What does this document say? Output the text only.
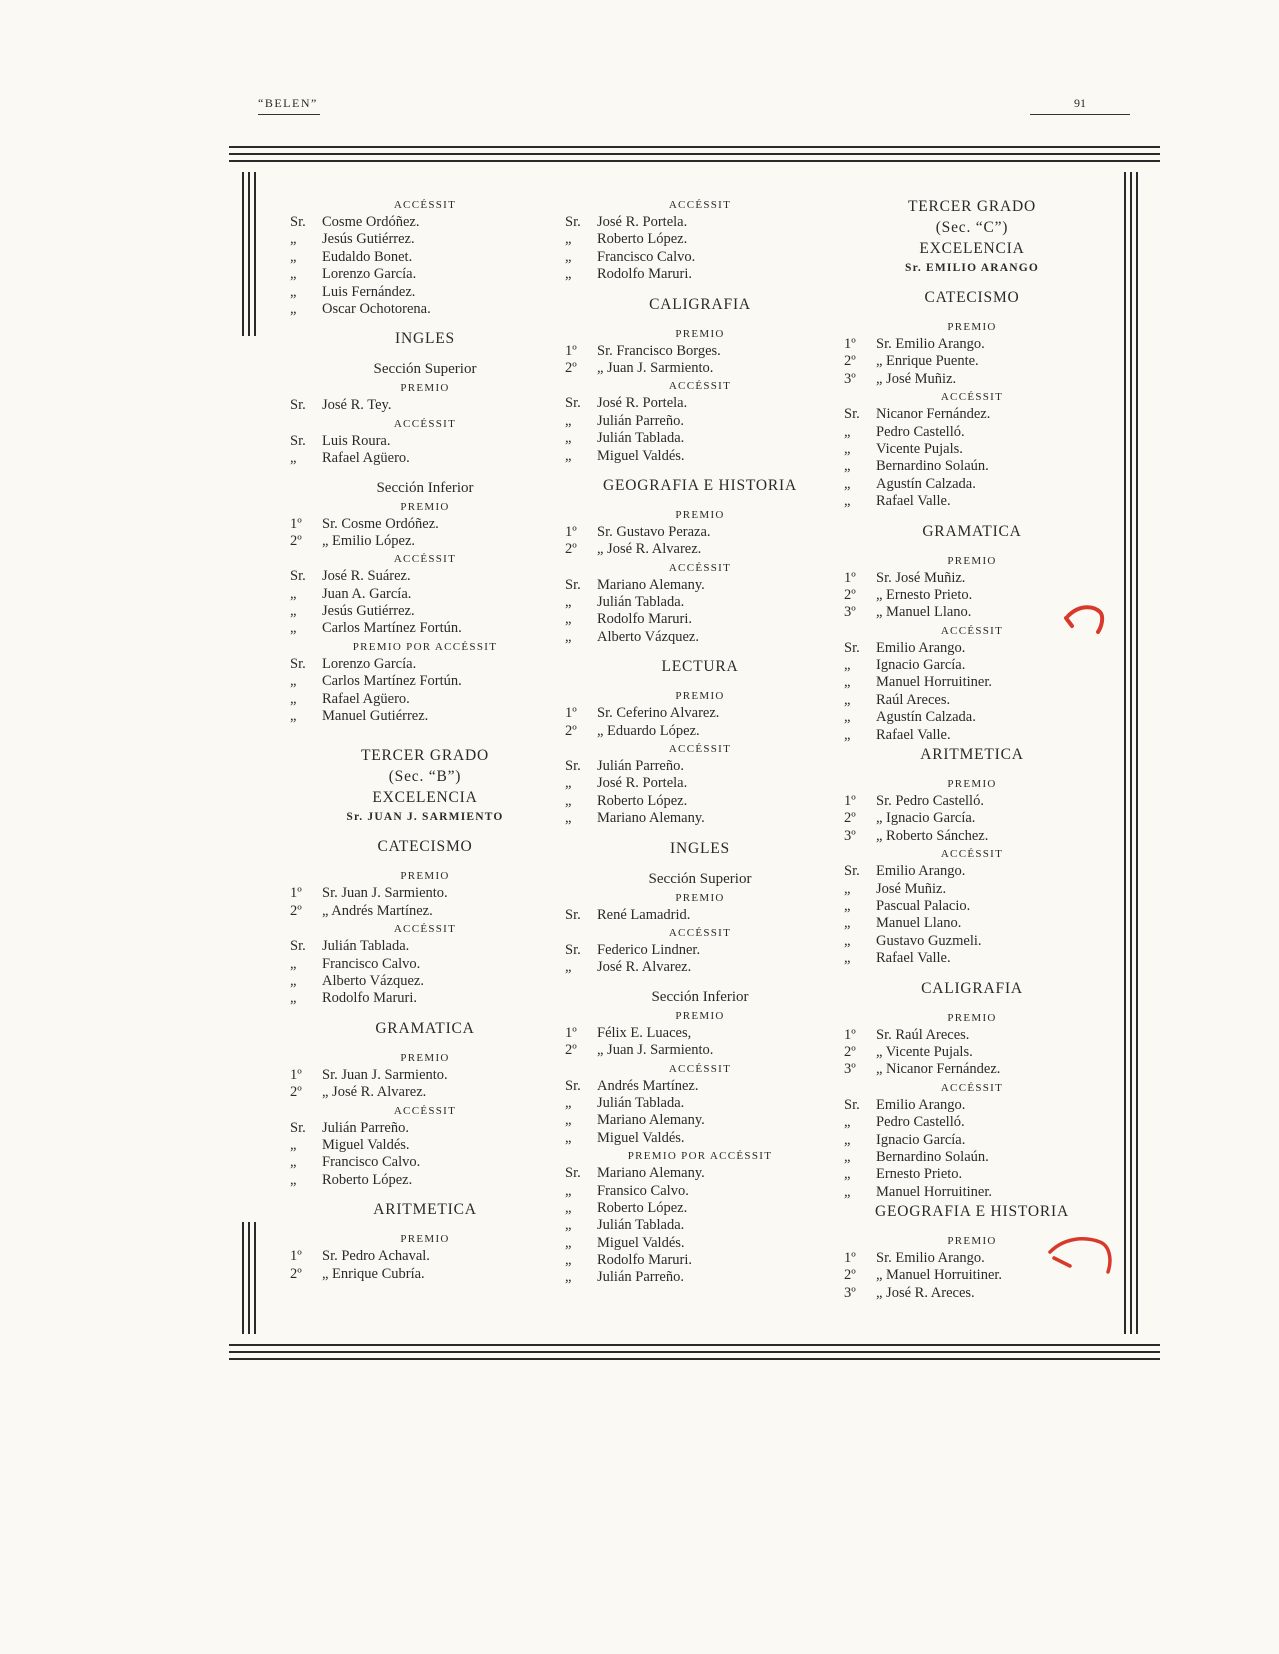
“BELEN”	91
ACCÉSSIT
Sr.	Cosme Ordóñez.
„	Jesús Gutiérrez.
„	Eudaldo Bonet.
„	Lorenzo García.
„	Luis Fernández.
„	Oscar Ochotorena.
INGLES
Sección Superior
PREMIO
Sr.	José R. Tey.
ACCÉSSIT
Sr.	Luis Roura.
„	Rafael Agüero.
Sección Inferior
PREMIO
1º	Sr. Cosme Ordóñez.
2º	„ Emilio López.
ACCÉSSIT
Sr.	José R. Suárez.
„	Juan A. García.
„	Jesús Gutiérrez.
„	Carlos Martínez Fortún.
PREMIO POR ACCÉSSIT
Sr.	Lorenzo García.
„	Carlos Martínez Fortún.
„	Rafael Agüero.
„	Manuel Gutiérrez.
TERCER GRADO
(Sec. “B”)
EXCELENCIA
Sr. JUAN J. SARMIENTO
CATECISMO
PREMIO
1º	Sr. Juan J. Sarmiento.
2º	„ Andrés Martínez.
ACCÉSSIT
Sr.	Julián Tablada.
„	Francisco Calvo.
„	Alberto Vázquez.
„	Rodolfo Maruri.
GRAMATICA
PREMIO
1º	Sr. Juan J. Sarmiento.
2º	„ José R. Alvarez.
ACCÉSSIT
Sr.	Julián Parreño.
„	Miguel Valdés.
„	Francisco Calvo.
„	Roberto López.
ARITMETICA
PREMIO
1º	Sr. Pedro Achaval.
2º	„ Enrique Cubría.
ACCÉSSIT
Sr.	José R. Portela.
„	Roberto López.
„	Francisco Calvo.
„	Rodolfo Maruri.
CALIGRAFIA
PREMIO
1º	Sr. Francisco Borges.
2º	„ Juan J. Sarmiento.
ACCÉSSIT
Sr.	José R. Portela.
„	Julián Parreño.
„	Julián Tablada.
„	Miguel Valdés.
GEOGRAFIA E HISTORIA
PREMIO
1º	Sr. Gustavo Peraza.
2º	„ José R. Alvarez.
ACCÉSSIT
Sr.	Mariano Alemany.
„	Julián Tablada.
„	Rodolfo Maruri.
„	Alberto Vázquez.
LECTURA
PREMIO
1º	Sr. Ceferino Alvarez.
2º	„ Eduardo López.
ACCÉSSIT
Sr.	Julián Parreño.
„	José R. Portela.
„	Roberto López.
„	Mariano Alemany.
INGLES
Sección Superior
PREMIO
Sr.	René Lamadrid.
ACCÉSSIT
Sr.	Federico Lindner.
„	José R. Alvarez.
Sección Inferior
PREMIO
1º	Félix E. Luaces,
2º	„ Juan J. Sarmiento.
ACCÉSSIT
Sr.	Andrés Martínez.
„	Julián Tablada.
„	Mariano Alemany.
„	Miguel Valdés.
PREMIO POR ACCÉSSIT
Sr.	Mariano Alemany.
„	Fransico Calvo.
„	Roberto López.
„	Julián Tablada.
„	Miguel Valdés.
„	Rodolfo Maruri.
„	Julián Parreño.
TERCER GRADO
(Sec. “C”)
EXCELENCIA
Sr. EMILIO ARANGO
CATECISMO
PREMIO
1º	Sr. Emilio Arango.
2º	„ Enrique Puente.
3º	„ José Muñiz.
ACCÉSSIT
Sr.	Nicanor Fernández.
„	Pedro Castelló.
„	Vicente Pujals.
„	Bernardino Solaún.
„	Agustín Calzada.
„	Rafael Valle.
GRAMATICA
PREMIO
1º	Sr. José Muñiz.
2º	„ Ernesto Prieto.
3º	„ Manuel Llano.
ACCÉSSIT
Sr.	Emilio Arango.
„	Ignacio García.
„	Manuel Horruitiner.
„	Raúl Areces.
„	Agustín Calzada.
„	Rafael Valle.
ARITMETICA
PREMIO
1º	Sr. Pedro Castelló.
2º	„ Ignacio García.
3º	„ Roberto Sánchez.
ACCÉSSIT
Sr.	Emilio Arango.
„	José Muñiz.
„	Pascual Palacio.
„	Manuel Llano.
„	Gustavo Guzmeli.
„	Rafael Valle.
CALIGRAFIA
PREMIO
1º	Sr. Raúl Areces.
2º	„ Vicente Pujals.
3º	„ Nicanor Fernández.
ACCÉSSIT
Sr.	Emilio Arango.
„	Pedro Castelló.
„	Ignacio García.
„	Bernardino Solaún.
„	Ernesto Prieto.
„	Manuel Horruitiner.
GEOGRAFIA E HISTORIA
PREMIO
1º	Sr. Emilio Arango.
2º	„ Manuel Horruitiner.
3º	„ José R. Areces.
